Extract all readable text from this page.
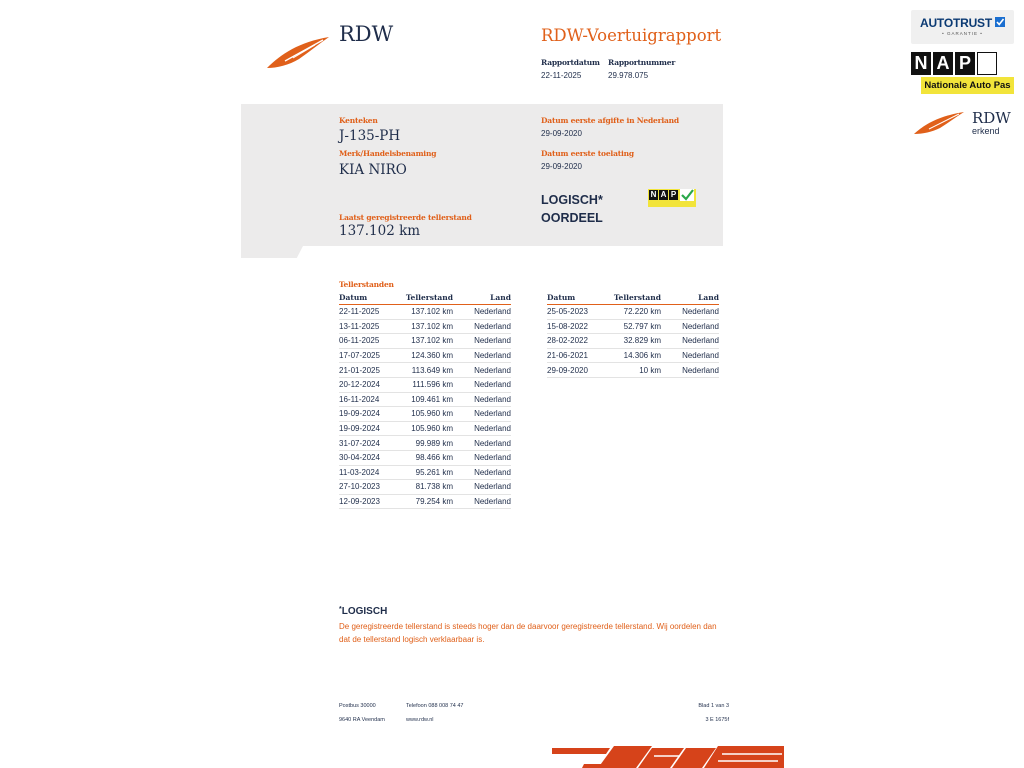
RDW	RDW-Voertuigrapport
Rapportdatum
22-11-2025
Rapportnummer
29.978.075
Kenteken
J-135-PH
Merk/Handelsbenaming
KIA NIRO
Laatst geregistreerde tellerstand
137.102 km
Datum eerste afgifte in Nederland
29-09-2020
Datum eerste toelating
29-09-2020
LOGISCH*
OORDEEL
N A P
Tellerstanden
Datum	Tellerstand	Land
22-11-2025	137.102 km	Nederland
13-11-2025	137.102 km	Nederland
06-11-2025	137.102 km	Nederland
17-07-2025	124.360 km	Nederland
21-01-2025	113.649 km	Nederland
20-12-2024	111.596 km	Nederland
16-11-2024	109.461 km	Nederland
19-09-2024	105.960 km	Nederland
19-09-2024	105.960 km	Nederland
31-07-2024	99.989 km	Nederland
30-04-2024	98.466 km	Nederland
11-03-2024	95.261 km	Nederland
27-10-2023	81.738 km	Nederland
12-09-2023	79.254 km	Nederland
Datum	Tellerstand	Land
25-05-2023	72.220 km	Nederland
15-08-2022	52.797 km	Nederland
28-02-2022	32.829 km	Nederland
21-06-2021	14.306 km	Nederland
29-09-2020	10 km	Nederland
*LOGISCH
De geregistreerde tellerstand is steeds hoger dan de daarvoor geregistreerde tellerstand. Wij oordelen dan
dat de tellerstand logisch verklaarbaar is.
Postbus 30000
9640 RA Veendam
Telefoon 088 008 74 47
www.rdw.nl
Blad 1 van 3
3 E 1675f
AUTOTRUST
• GARANTIE •
N A P
Nationale Auto Pas
RDW
erkend
